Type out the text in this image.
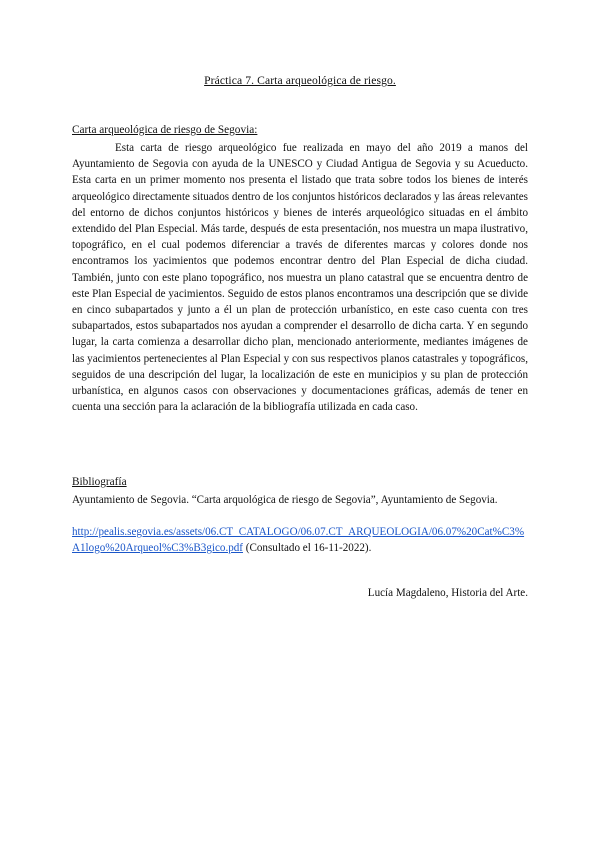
Práctica 7. Carta arqueológica de riesgo.
Carta arqueológica de riesgo de Segovia:

Esta carta de riesgo arqueológico fue realizada en mayo del año 2019 a manos del Ayuntamiento de Segovia con ayuda de la UNESCO y Ciudad Antigua de Segovia y su Acueducto. Esta carta en un primer momento nos presenta el listado que trata sobre todos los bienes de interés arqueológico directamente situados dentro de los conjuntos históricos declarados y las áreas relevantes del entorno de dichos conjuntos históricos y bienes de interés arqueológico situadas en el ámbito extendido del Plan Especial. Más tarde, después de esta presentación, nos muestra un mapa ilustrativo, topográfico, en el cual podemos diferenciar a través de diferentes marcas y colores donde nos encontramos los yacimientos que podemos encontrar dentro del Plan Especial de dicha ciudad. También, junto con este plano topográfico, nos muestra un plano catastral que se encuentra dentro de este Plan Especial de yacimientos. Seguido de estos planos encontramos una descripción que se divide en cinco subapartados y junto a él un plan de protección urbanístico, en este caso cuenta con tres subapartados, estos subapartados nos ayudan a comprender el desarrollo de dicha carta. Y en segundo lugar, la carta comienza a desarrollar dicho plan, mencionado anteriormente, mediantes imágenes de las yacimientos pertenecientes al Plan Especial y con sus respectivos planos catastrales y topográficos, seguidos de una descripción del lugar, la localización de este en municipios y su plan de protección urbanística, en algunos casos con observaciones y documentaciones gráficas, además de tener en cuenta una sección para la aclaración de la bibliografía utilizada en cada caso.

Bibliografía

Ayuntamiento de Segovia. “Carta arquológica de riesgo de Segovia”, Ayuntamiento de Segovia.

http://pealis.segovia.es/assets/06.CT_CATALOGO/06.07.CT_ARQUEOLOGIA/06.07%20Cat%C3%A1logo%20Arqueol%C3%B3gico.pdf (Consultado el 16-11-2022).

Lucía Magdaleno, Historia del Arte.
